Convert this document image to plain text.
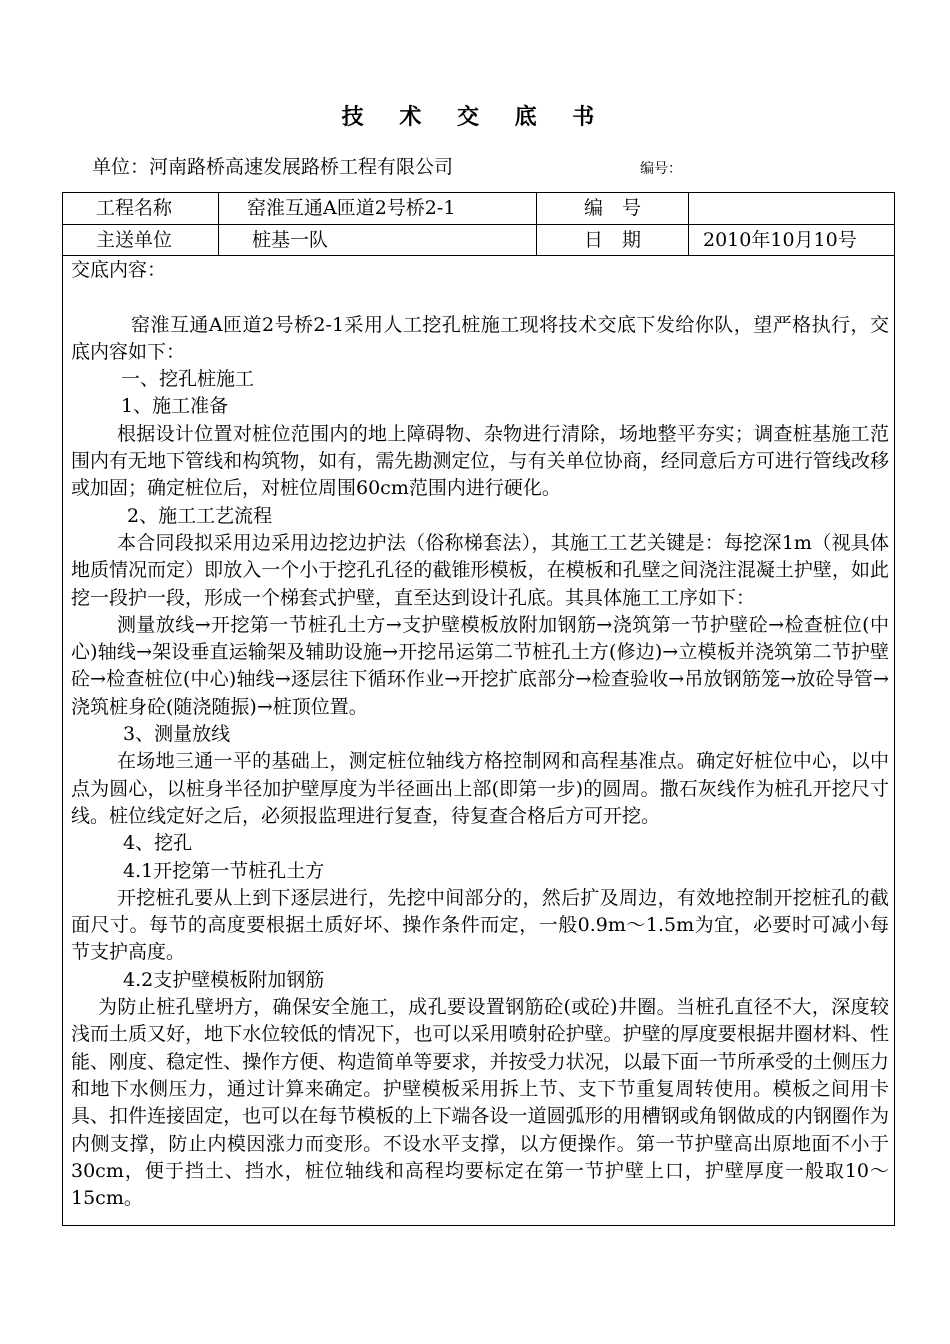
技 术 交 底 书
单位：河南路桥高速发展路桥工程有限公司	编号：
工程名称	窑淮互通A匝道2号桥2-1	编　号
主送单位	桩基一队	日　期	2010年10月10号

交底内容：

窑淮互通A匝道2号桥2-1采用人工挖孔桩施工现将技术交底下发给你队，望严格执行，交底内容如下：

一、挖孔桩施工

1、施工准备

根据设计位置对桩位范围内的地上障碍物、杂物进行清除，场地整平夯实；调查桩基施工范围内有无地下管线和构筑物，如有，需先勘测定位，与有关单位协商，经同意后方可进行管线改移或加固；确定桩位后，对桩位周围60cm范围内进行硬化。

2、施工工艺流程

本合同段拟采用边采用边挖边护法（俗称梯套法），其施工工艺关键是：每挖深1m（视具体地质情况而定）即放入一个小于挖孔孔径的截锥形模板，在模板和孔壁之间浇注混凝土护壁，如此挖一段护一段，形成一个梯套式护壁，直至达到设计孔底。其具体施工工序如下：

测量放线→开挖第一节桩孔土方→支护壁模板放附加钢筋→浇筑第一节护壁砼→检查桩位(中心)轴线→架设垂直运输架及辅助设施→开挖吊运第二节桩孔土方(修边)→立模板并浇筑第二节护壁砼→检查桩位(中心)轴线→逐层往下循环作业→开挖扩底部分→检查验收→吊放钢筋笼→放砼导管→浇筑桩身砼(随浇随振)→桩顶位置。

3、测量放线

在场地三通一平的基础上，测定桩位轴线方格控制网和高程基准点。确定好桩位中心，以中点为圆心，以桩身半径加护壁厚度为半径画出上部(即第一步)的圆周。撒石灰线作为桩孔开挖尺寸线。桩位线定好之后，必须报监理进行复查，待复查合格后方可开挖。

4、挖孔

4.1开挖第一节桩孔土方

开挖桩孔要从上到下逐层进行，先挖中间部分的，然后扩及周边，有效地控制开挖桩孔的截面尺寸。每节的高度要根据土质好坏、操作条件而定，一般0.9m～1.5m为宜，必要时可减小每节支护高度。

4.2支护壁模板附加钢筋

为防止桩孔壁坍方，确保安全施工，成孔要设置钢筋砼(或砼)井圈。当桩孔直径不大，深度较浅而土质又好，地下水位较低的情况下，也可以采用喷射砼护壁。护壁的厚度要根据井圈材料、性能、刚度、稳定性、操作方便、构造简单等要求，并按受力状况，以最下面一节所承受的土侧压力和地下水侧压力，通过计算来确定。护壁模板采用拆上节、支下节重复周转使用。模板之间用卡具、扣件连接固定，也可以在每节模板的上下端各设一道圆弧形的用槽钢或角钢做成的内钢圈作为内侧支撑，防止内模因涨力而变形。不设水平支撑，以方便操作。第一节护壁高出原地面不小于30cm，便于挡土、挡水，桩位轴线和高程均要标定在第一节护壁上口，护壁厚度一般取10～15cm。
